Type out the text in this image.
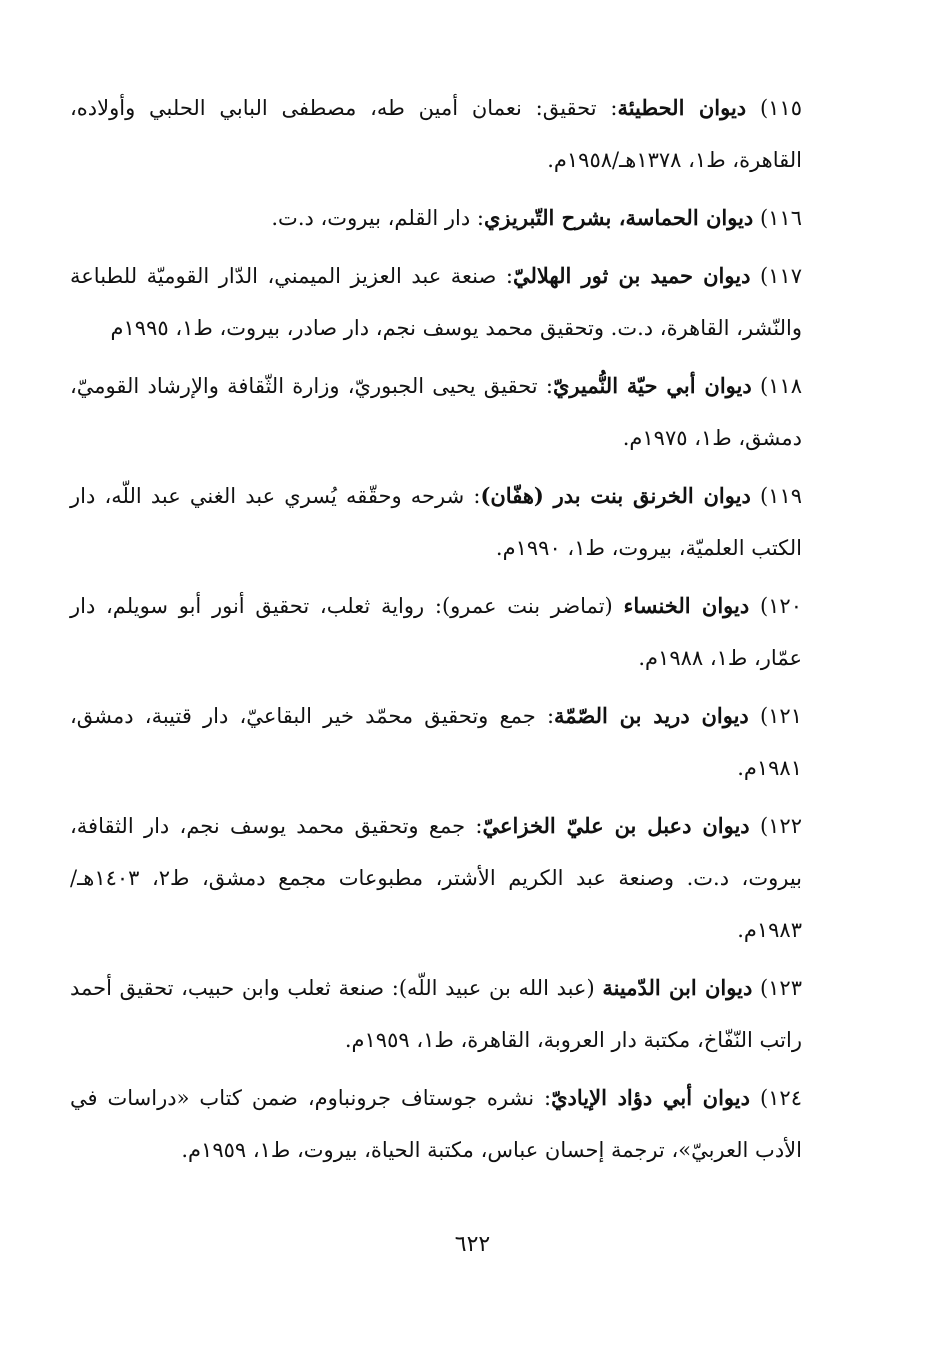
١١٥) ديوان الحطيئة: تحقيق: نعمان أمين طه، مصطفى البابي الحلبي وأولاده، القاهرة، ط١، ١٣٧٨هـ/١٩٥٨م.

١١٦) ديوان الحماسة، بشرح التّبريزي: دار القلم، بيروت، د.ت.

١١٧) ديوان حميد بن ثور الهلاليّ: صنعة عبد العزيز الميمني، الدّار القوميّة للطباعة والنّشر، القاهرة، د.ت. وتحقيق محمد يوسف نجم، دار صادر، بيروت، ط١، ١٩٩٥م

١١٨) ديوان أبي حيّة النُّميريّ: تحقيق يحيى الجبوريّ، وزارة الثّقافة والإرشاد القوميّ، دمشق، ط١، ١٩٧٥م.

١١٩) ديوان الخرنق بنت بدر (هفّان): شرحه وحقّقه يُسري عبد الغني عبد اللّه، دار الكتب العلميّة، بيروت، ط١، ١٩٩٠م.

١٢٠) ديوان الخنساء (تماضر بنت عمرو): رواية ثعلب، تحقيق أنور أبو سويلم، دار عمّار، ط١، ١٩٨٨م.

١٢١) ديوان دريد بن الصّمّة: جمع وتحقيق محمّد خير البقاعيّ، دار قتيبة، دمشق، ١٩٨١م.

١٢٢) ديوان دعبل بن عليّ الخزاعيّ: جمع وتحقيق محمد يوسف نجم، دار الثقافة، بيروت، د.ت. وصنعة عبد الكريم الأشتر، مطبوعات مجمع دمشق، ط٢، ١٤٠٣هـ/١٩٨٣م.

١٢٣) ديوان ابن الدّمينة (عبد الله بن عبيد اللّه): صنعة ثعلب وابن حبيب، تحقيق أحمد راتب النّفّاخ، مكتبة دار العروبة، القاهرة، ط١، ١٩٥٩م.

١٢٤) ديوان أبي دؤاد الإياديّ: نشره جوستاف جرونباوم، ضمن كتاب «دراسات في الأدب العربيّ»، ترجمة إحسان عباس، مكتبة الحياة، بيروت، ط١، ١٩٥٩م.

٦٢٢
